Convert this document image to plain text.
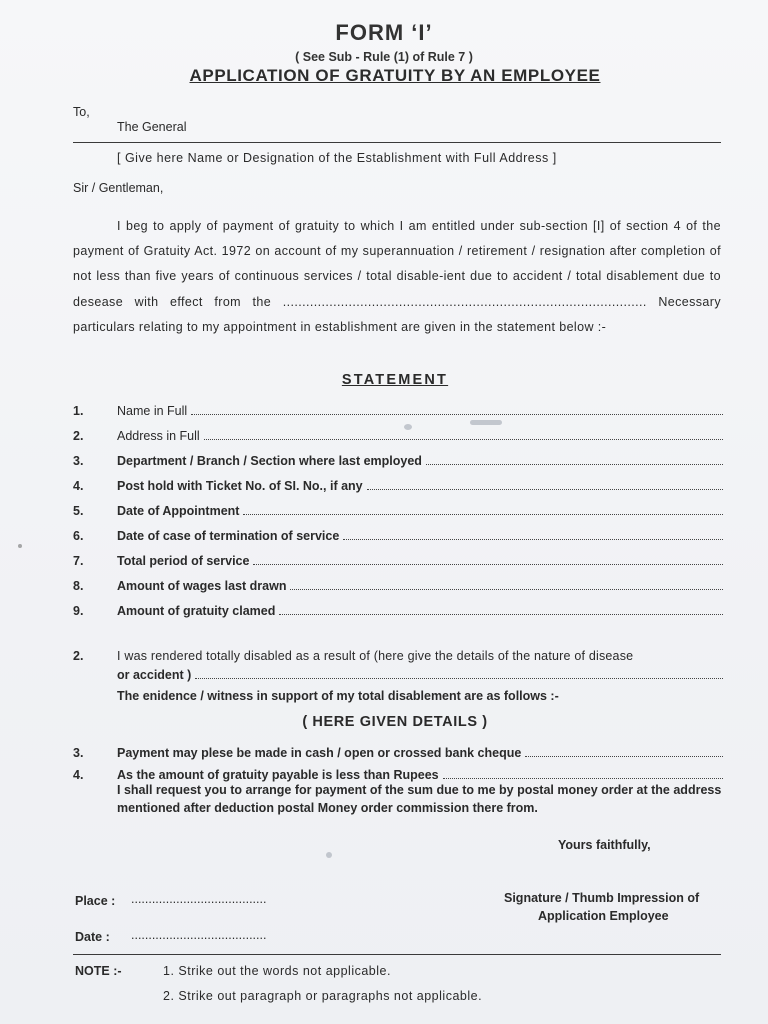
FORM ‘I’
( See Sub - Rule (1) of Rule 7 )
APPLICATION OF GRATUITY BY AN EMPLOYEE
To,
The General
[ Give here Name or Designation of the Establishment with Full Address ]
Sir / Gentleman,

I beg to apply of payment of gratuity to which I am entitled under sub-section [I] of section 4 of the payment of Gratuity Act. 1972 on account of my superannuation / retirement / resignation after completion of not less than five years of continuous services / total disable-ient due to accident / total disablement due to desease with effect from the .............................................................................................. Necessary particulars relating to my appointment in establishment are given in the statement below :-

STATEMENT
1.	Name in Full
2.	Address in Full
3.	Department / Branch / Section where last employed
4.	Post hold with Ticket No. of SI. No., if any
5.	Date of Appointment
6.	Date of case of termination of service
7.	Total period of service
8.	Amount of wages last drawn
9.	Amount of gratuity clamed
2.	I was rendered totally disabled as a result of (here give the details of the nature of disease
or accident )
The enidence / witness in support of my total disablement are as follows :-
( HERE GIVEN DETAILS )
3.	Payment may plese be made in cash / open or crossed bank cheque
4.	As the amount of gratuity payable is less than Rupees
I shall request you to arrange for payment of the sum due to me by postal money order at the address mentioned after deduction postal Money order commission there from.
Yours faithfully,
Place : .......................................	Signature / Thumb Impression of
Application Employee
Date : .......................................
NOTE :-	1. Strike out the words not applicable.
2. Strike out paragraph or paragraphs not applicable.
